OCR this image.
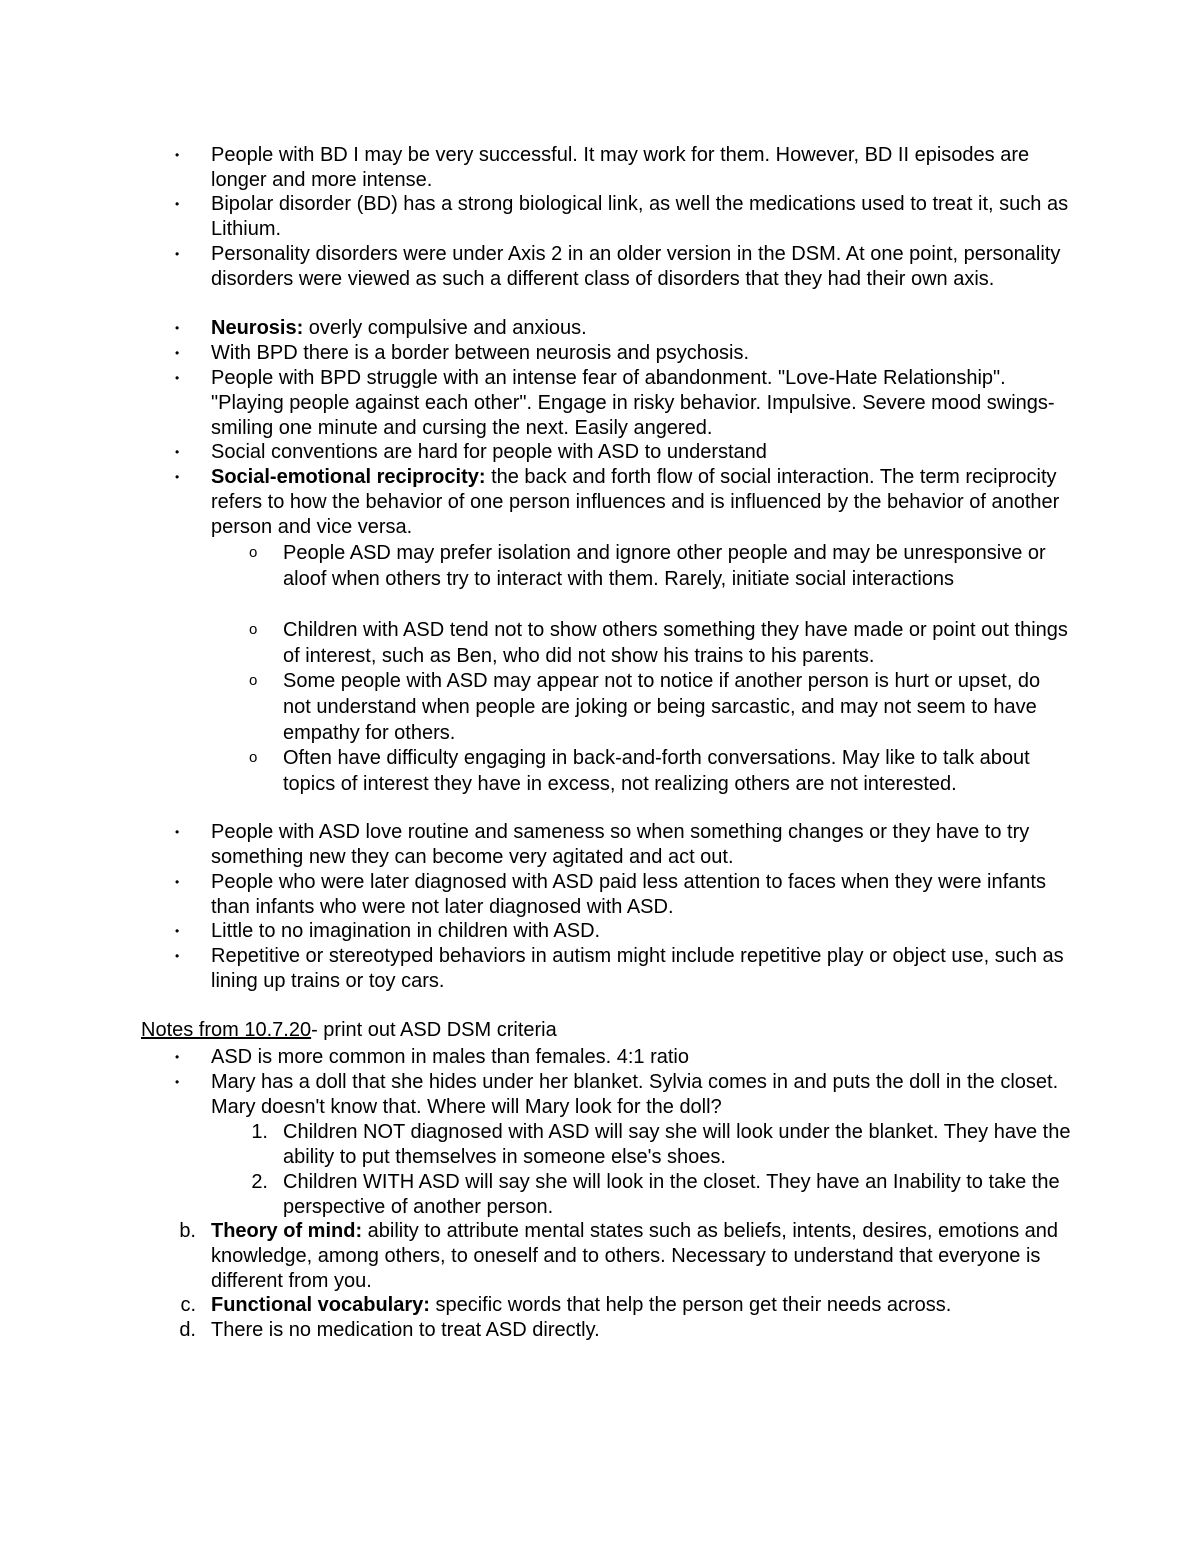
• People with BD I may be very successful. It may work for them. However, BD II episodes are longer and more intense.
• Bipolar disorder (BD) has a strong biological link, as well the medications used to treat it, such as Lithium.
• Personality disorders were under Axis 2 in an older version in the DSM. At one point, personality disorders were viewed as such a different class of disorders that they had their own axis.
• Neurosis: overly compulsive and anxious.
• With BPD there is a border between neurosis and psychosis.
• People with BPD struggle with an intense fear of abandonment. "Love-Hate Relationship". "Playing people against each other". Engage in risky behavior. Impulsive. Severe mood swings- smiling one minute and cursing the next. Easily angered.
• Social conventions are hard for people with ASD to understand
• Social-emotional reciprocity: the back and forth flow of social interaction. The term reciprocity refers to how the behavior of one person influences and is influenced by the behavior of another person and vice versa.
o People ASD may prefer isolation and ignore other people and may be unresponsive or aloof when others try to interact with them. Rarely, initiate social interactions
o Children with ASD tend not to show others something they have made or point out things of interest, such as Ben, who did not show his trains to his parents.
o Some people with ASD may appear not to notice if another person is hurt or upset, do not understand when people are joking or being sarcastic, and may not seem to have empathy for others.
o Often have difficulty engaging in back-and-forth conversations. May like to talk about topics of interest they have in excess, not realizing others are not interested.
• People with ASD love routine and sameness so when something changes or they have to try something new they can become very agitated and act out.
• People who were later diagnosed with ASD paid less attention to faces when they were infants than infants who were not later diagnosed with ASD.
• Little to no imagination in children with ASD.
• Repetitive or stereotyped behaviors in autism might include repetitive play or object use, such as lining up trains or toy cars.
Notes from 10.7.20- print out ASD DSM criteria
• ASD is more common in males than females. 4:1 ratio
• Mary has a doll that she hides under her blanket. Sylvia comes in and puts the doll in the closet. Mary doesn't know that. Where will Mary look for the doll?
1. Children NOT diagnosed with ASD will say she will look under the blanket. They have the ability to put themselves in someone else's shoes.
2. Children WITH ASD will say she will look in the closet. They have an Inability to take the perspective of another person.
b. Theory of mind: ability to attribute mental states such as beliefs, intents, desires, emotions and knowledge, among others, to oneself and to others. Necessary to understand that everyone is different from you.
c. Functional vocabulary: specific words that help the person get their needs across.
d. There is no medication to treat ASD directly.
